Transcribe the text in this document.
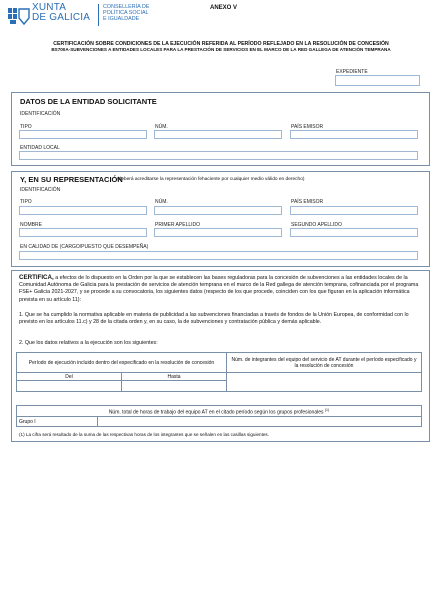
XUNTA
DE GALICIA
CONSELLERÍA DE
POLÍTICA SOCIAL
E IGUALDADE
ANEXO V
CERTIFICACIÓN SOBRE CONDICIONES DE LA EJECUCIÓN REFERIDA AL PERÍODO REFLEJADO EN LA RESOLUCIÓN DE CONCESIÓN
BS700A-SUBVENCIONES A ENTIDADES LOCALES PARA LA PRESTACIÓN DE SERVICIOS EN EL MARCO DE LA RED GALLEGA DE ATENCIÓN TEMPRANA
EXPEDIENTE
DATOS DE LA ENTIDAD SOLICITANTE
IDENTIFICACIÓN
TIPO	NÚM.	PAÍS EMISOR
ENTIDAD LOCAL
Y, EN SU REPRESENTACIÓN
(deberá acreditarse la representación fehaciente por cualquier medio válido en derecho)
IDENTIFICACIÓN
TIPO	NÚM.	PAÍS EMISOR
NOMBRE	PRIMER APELLIDO	SEGUNDO APELLIDO
EN CALIDAD DE (CARGO/PUESTO QUE DESEMPEÑA)
CERTIFICA, a efectos de lo dispuesto en la Orden por la que se establecen las bases reguladoras para la concesión de subvenciones a las entidades locales de la Comunidad Autónoma de Galicia para la prestación de servicios de atención temprana en el marco de la Red gallega de atención temprana, cofinanciada por el programa FSE+ Galicia 2021-2027, y se procede a su convocatoria, los siguientes datos (respecto de los que procede, coinciden con los que figuran en la aplicación informática prevista en su artículo 11):
1. Que se ha cumplido la normativa aplicable en materia de publicidad a las subvenciones financiadas a través de fondos de la Unión Europea, de conformidad con lo previsto en los artículos 11.c) y 28 de la citada orden y, en su caso, la de subvenciones y contratación pública y demás aplicable.
2. Que los datos relativos a la ejecución son los siguientes:
Período de ejecución incluido dentro del especificado en la resolución de concesión		Núm. de integrantes del equipo del servicio de AT durante el período especificado y la resolución de concesión
Del	Hasta	

Núm. total de horas de trabajo del equipo AT en el citado período según los grupos profesionales $^{(1)}$
Grupo I	
(1) La cifra será resultado de la suma de las respectivas horas de los integrantes que se señalen en las casillas siguientes.
